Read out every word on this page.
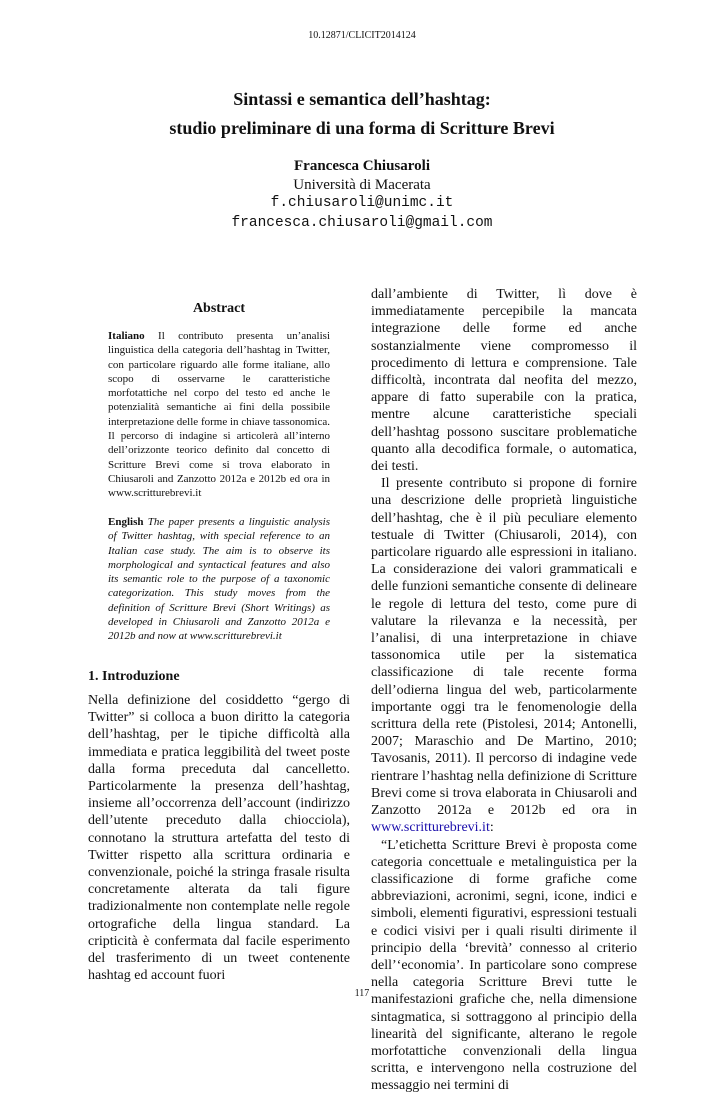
10.12871/CLICIT2014124
Sintassi e semantica dell’hashtag:
studio preliminare di una forma di Scritture Brevi
Francesca Chiusaroli
Università di Macerata
f.chiusaroli@unimc.it
francesca.chiusaroli@gmail.com
Abstract
Italiano Il contributo presenta un’analisi linguistica della categoria dell’hashtag in Twitter, con particolare riguardo alle forme italiane, allo scopo di osservarne le caratteristiche morfotattiche nel corpo del testo ed anche le potenzialità semantiche ai fini della possibile interpretazione delle forme in chiave tassonomica. Il percorso di indagine si articolerà all’interno dell’orizzonte teorico definito dal concetto di Scritture Brevi come si trova elaborato in Chiusaroli and Zanzotto 2012a e 2012b ed ora in www.scritturebrevi.it
English The paper presents a linguistic analysis of Twitter hashtag, with special reference to an Italian case study. The aim is to observe its morphological and syntactical features and also its semantic role to the purpose of a taxonomic categorization. This study moves from the definition of Scritture Brevi (Short Writings) as developed in Chiusaroli and Zanzotto 2012a e 2012b and now at www.scritturebrevi.it
1. Introduzione
Nella definizione del cosiddetto “gergo di Twitter” si colloca a buon diritto la categoria dell’hashtag, per le tipiche difficoltà alla immediata e pratica leggibilità del tweet poste dalla forma preceduta dal cancelletto. Particolarmente la presenza dell’hashtag, insieme all’occorrenza dell’account (indirizzo dell’utente preceduto dalla chiocciola), connotano la struttura artefatta del testo di Twitter rispetto alla scrittura ordinaria e convenzionale, poiché la stringa frasale risulta concretamente alterata da tali figure tradizionalmente non contemplate nelle regole ortografiche della lingua standard. La cripticità è confermata dal facile esperimento del trasferimento di un tweet contenente hashtag ed account fuori

dall’ambiente di Twitter, lì dove è immediatamente percepibile la mancata integrazione delle forme ed anche sostanzialmente viene compromesso il procedimento di lettura e comprensione. Tale difficoltà, incontrata dal neofita del mezzo, appare di fatto superabile con la pratica, mentre alcune caratteristiche speciali dell’hashtag possono suscitare problematiche quanto alla decodifica formale, o automatica, dei testi.

Il presente contributo si propone di fornire una descrizione delle proprietà linguistiche dell’hashtag, che è il più peculiare elemento testuale di Twitter (Chiusaroli, 2014), con particolare riguardo alle espressioni in italiano. La considerazione dei valori grammaticali e delle funzioni semantiche consente di delineare le regole di lettura del testo, come pure di valutare la rilevanza e la necessità, per l’analisi, di una interpretazione in chiave tassonomica utile per la sistematica classificazione di tale recente forma dell’odierna lingua del web, particolarmente importante oggi tra le fenomenologie della scrittura della rete (Pistolesi, 2014; Antonelli, 2007; Maraschio and De Martino, 2010; Tavosanis, 2011). Il percorso di indagine vede rientrare l’hashtag nella definizione di Scritture Brevi come si trova elaborata in Chiusaroli and Zanzotto 2012a e 2012b ed ora in www.scritturebrevi.it:

“L’etichetta Scritture Brevi è proposta come categoria concettuale e metalinguistica per la classificazione di forme grafiche come abbreviazioni, acronimi, segni, icone, indici e simboli, elementi figurativi, espressioni testuali e codici visivi per i quali risulti dirimente il principio della ‘brevità’ connesso al criterio dell’‘economia’. In particolare sono comprese nella categoria Scritture Brevi tutte le manifestazioni grafiche che, nella dimensione sintagmatica, si sottraggono al principio della linearità del significante, alterano le regole morfotattiche convenzionali della lingua scritta, e intervengono nella costruzione del messaggio nei termini di

117
